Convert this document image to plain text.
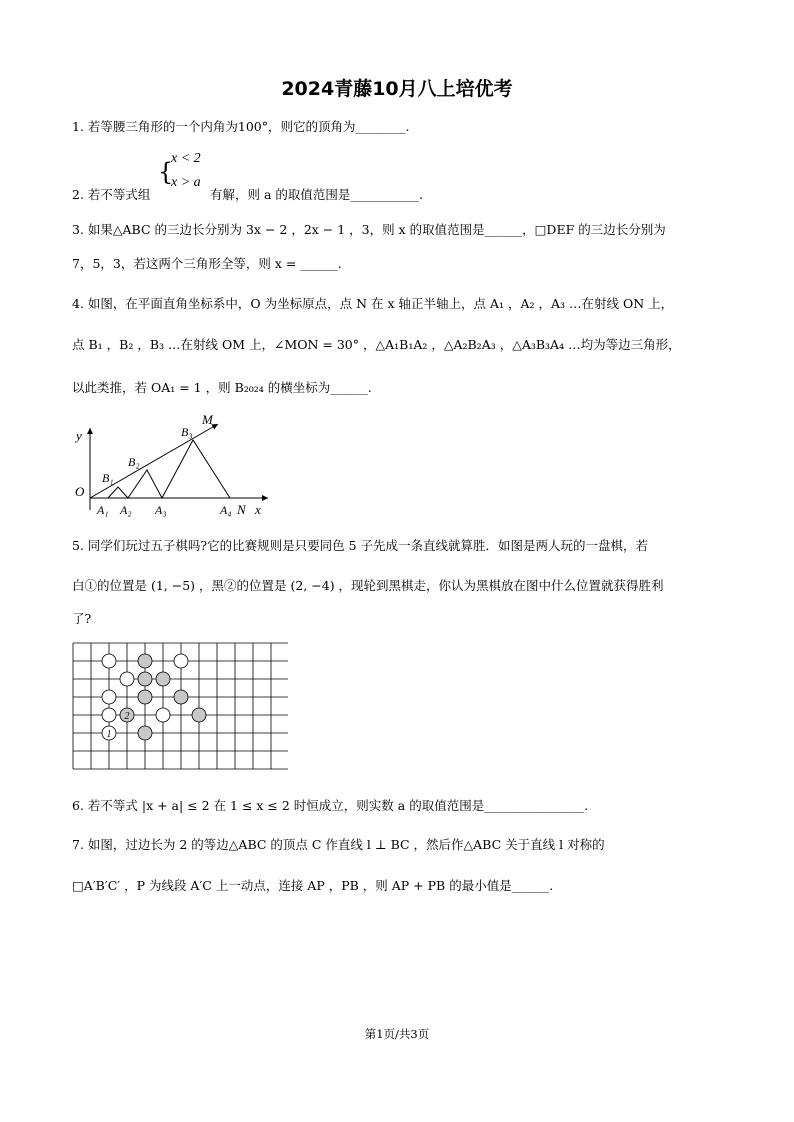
2024青藤10月八上培优考
1. 若等腰三角形的一个内角为100°，则它的顶角为________.
2. 若不等式组
{
x < 2
x > a
有解，则 a 的取值范围是___________.
3. 如果△ABC 的三边长分别为 3x − 2 ，2x − 1 ，3，则 x 的取值范围是______，□DEF 的三边长分别为
7，5，3，若这两个三角形全等，则 x = ______.
4. 如图，在平面直角坐标系中，O 为坐标原点，点 N 在 x 轴正半轴上，点 A₁ ，A₂ ，A₃ …在射线 ON 上，
点 B₁ ，B₂ ，B₃ …在射线 OM 上，∠MON = 30° ，△A₁B₁A₂ ，△A₂B₂A₃ ，△A₃B₃A₄ …均为等边三角形，
以此类推，若 OA₁ = 1 ，则 B₂₀₂₄ 的横坐标为______.
y
O
M
N x
A₁ A₂ A₃	A₄
B₁
B₂
B₃
5. 同学们玩过五子棋吗?它的比赛规则是只要同色 5 子先成一条直线就算胜．如图是两人玩的一盘棋，若
白①的位置是 (1, −5) ，黑②的位置是 (2, −4) ，现轮到黑棋走，你认为黑棋放在图中什么位置就获得胜利
了?
1
2
6. 若不等式 |x + a| ≤ 2 在 1 ≤ x ≤ 2 时恒成立，则实数 a 的取值范围是________________.
7. 如图，过边长为 2 的等边△ABC 的顶点 C 作直线 l ⊥ BC ，然后作△ABC 关于直线 l 对称的
□A′B′C′ ，P 为线段 A′C 上一动点，连接 AP ，PB ，则 AP + PB 的最小值是______.
第1页/共3页
